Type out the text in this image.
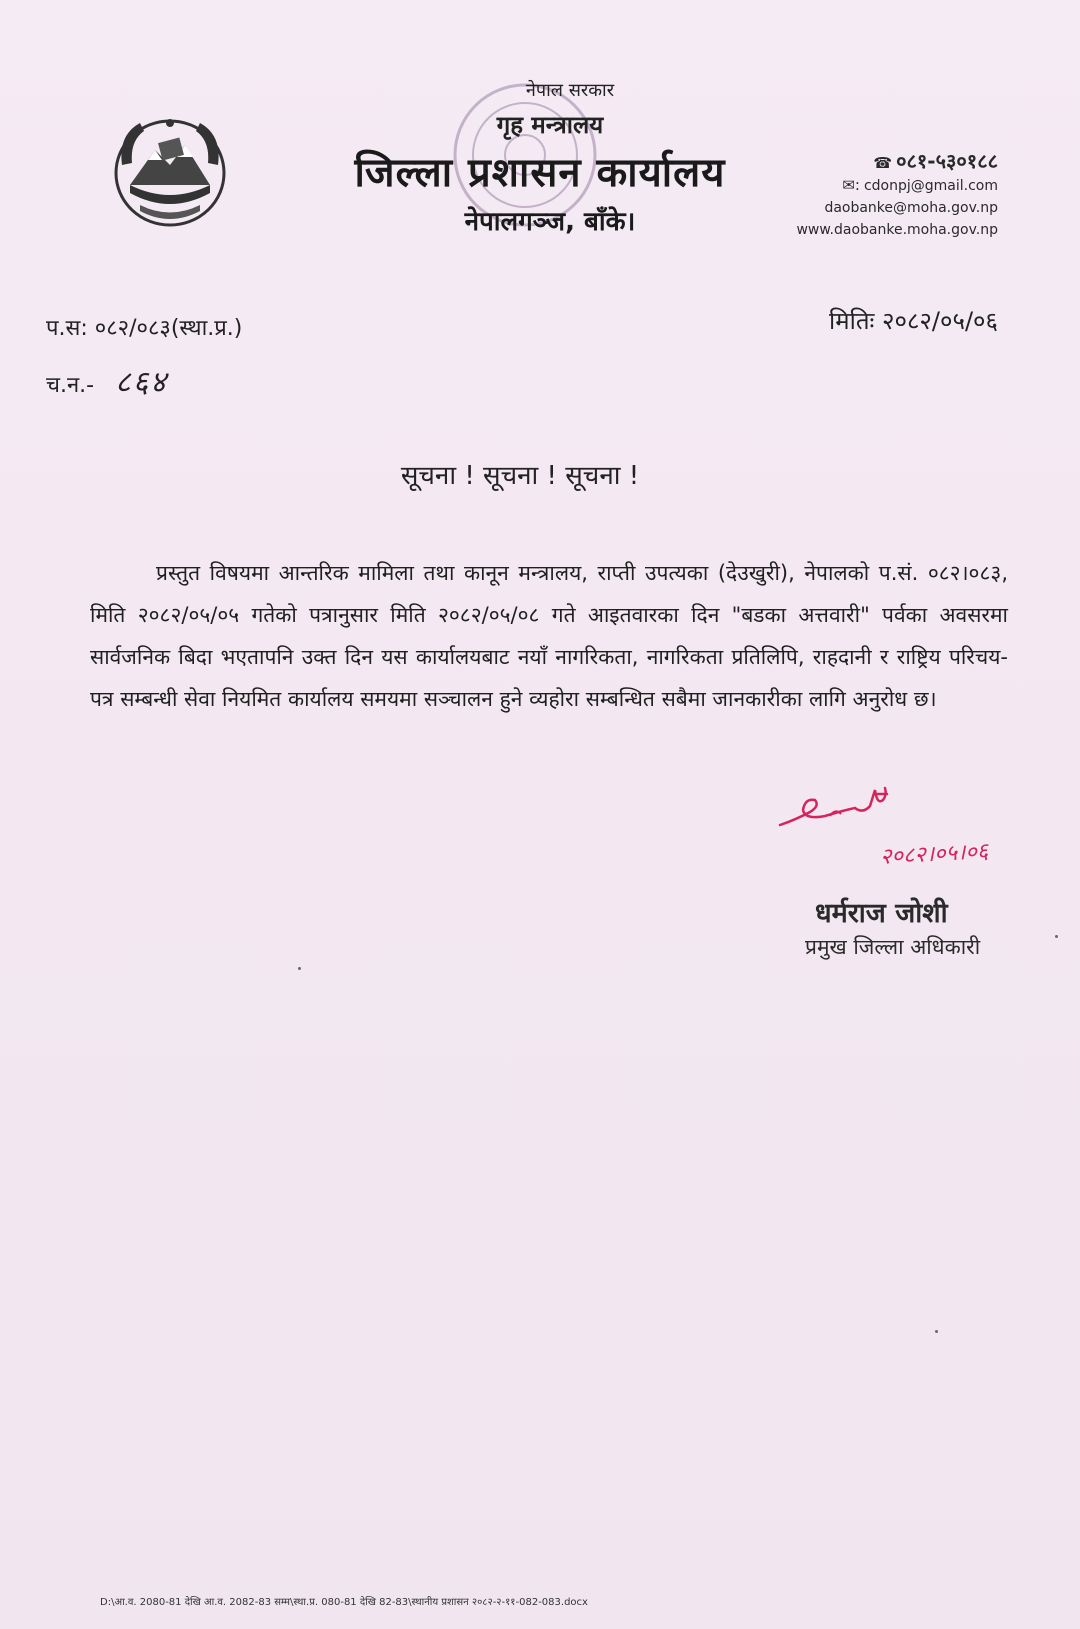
नेपाल सरकार
गृह मन्त्रालय
जिल्ला प्रशासन कार्यालय
नेपालगञ्ज, बाँके।
☎ ०८१-५३०१८८
✉: cdonpj@gmail.com
daobanke@moha.gov.np
www.daobanke.moha.gov.np
प.स: ०८२/०८३(स्था.प्र.)
च.न.- ८६४
मितिः २०८२/०५/०६
सूचना ! सूचना ! सूचना !

प्रस्तुत विषयमा आन्तरिक मामिला तथा कानून मन्त्रालय, राप्ती उपत्यका (देउखुरी), नेपालको प.सं. ०८२।०८३, मिति २०८२/०५/०५ गतेको पत्रानुसार मिति २०८२/०५/०८ गते आइतवारका दिन "बडका अत्तवारी" पर्वका अवसरमा सार्वजनिक बिदा भएतापनि उक्त दिन यस कार्यालयबाट नयाँ नागरिकता, नागरिकता प्रतिलिपि, राहदानी र राष्ट्रिय परिचय-पत्र सम्बन्धी सेवा नियमित कार्यालय समयमा सञ्चालन हुने व्यहोरा सम्बन्धित सबैमा जानकारीका लागि अनुरोध छ।

२०८२।०५।०६
धर्मराज जोशी
प्रमुख जिल्ला अधिकारी
D:\आ.व. 2080-81 देखि आ.व. 2082-83 सम्म\स्था.प्र. 080-81 देखि 82-83\स्थानीय प्रशासन २०८२-२-११-082-083.docx
